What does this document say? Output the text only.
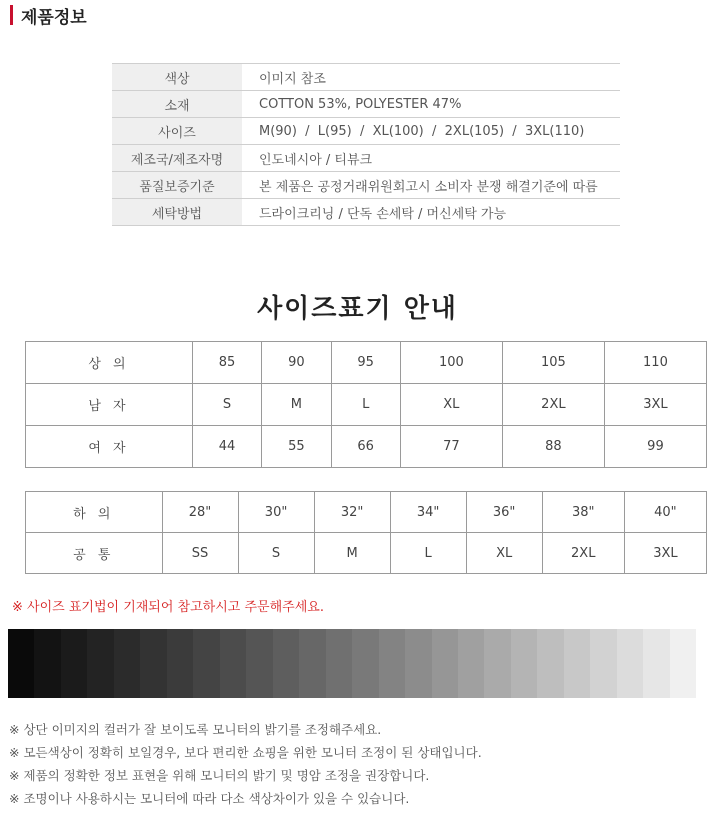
제품정보
색상	이미지 참조
소재	COTTON 53%, POLYESTER 47%
사이즈	M(90)  /  L(95)  /  XL(100)  /  2XL(105)  /  3XL(110)
제조국/제조자명	인도네시아 / 티뷰크
품질보증기준	본 제품은 공정거래위원회고시 소비자 분쟁 해결기준에 따름
세탁방법	드라이크리닝 / 단독 손세탁 / 머신세탁 가능
사이즈표기 안내
상 의	85	90	95	100	105	110
남 자	S	M	L	XL	2XL	3XL
여 자	44	55	66	77	88	99
하 의	28"	30"	32"	34"	36"	38"	40"
공 통	SS	S	M	L	XL	2XL	3XL
※ 사이즈 표기법이 기재되어 참고하시고 주문해주세요.
※ 상단 이미지의 컬러가 잘 보이도록 모니터의 밝기를 조정해주세요.
※ 모든색상이 정확히 보일경우, 보다 편리한 쇼핑을 위한 모니터 조정이 된 상태입니다.
※ 제품의 정확한 정보 표현을 위해 모니터의 밝기 및 명암 조정을 권장합니다.
※ 조명이나 사용하시는 모니터에 따라 다소 색상차이가 있을 수 있습니다.
